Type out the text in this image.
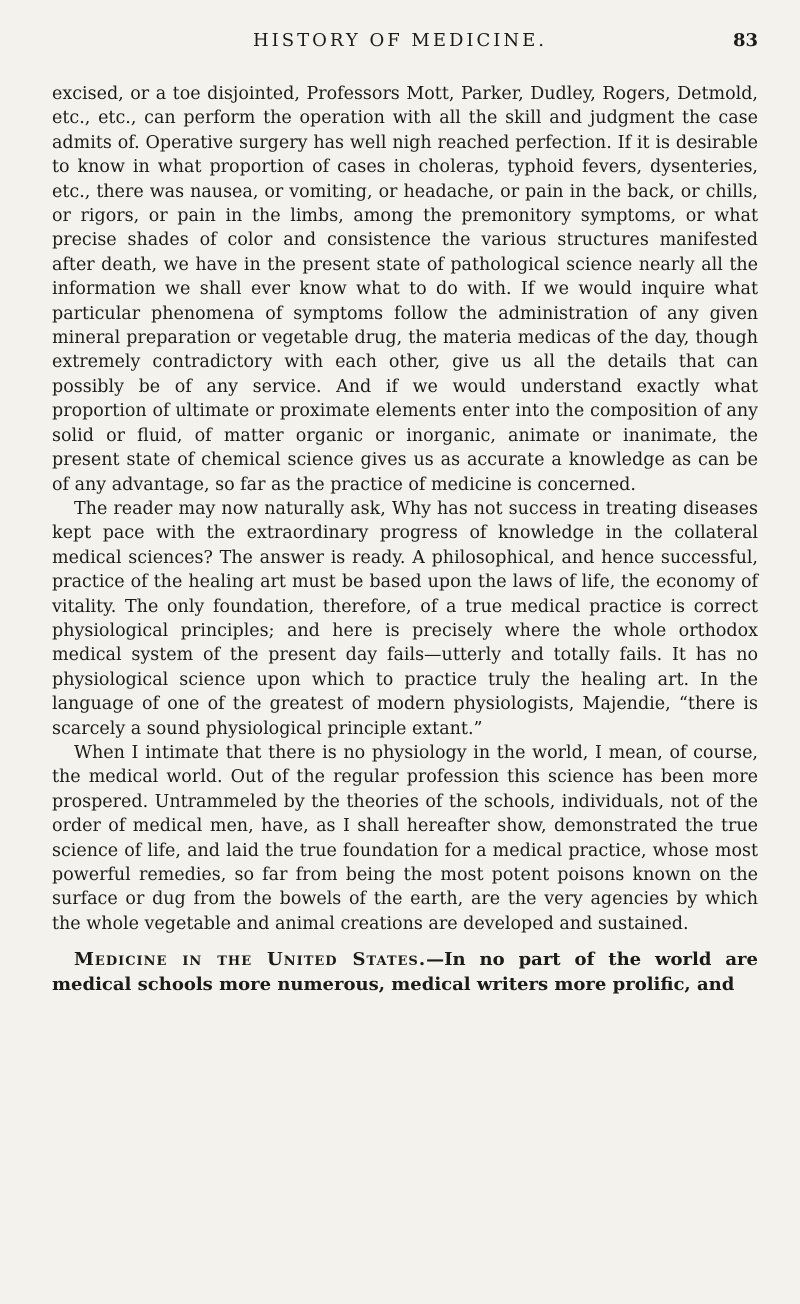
HISTORY OF MEDICINE.	83

excised, or a toe disjointed, Professors Mott, Parker, Dudley, Rogers, Detmold, etc., etc., can perform the operation with all the skill and judgment the case admits of. Operative surgery has well nigh reached perfection. If it is desirable to know in what proportion of cases in choleras, typhoid fevers, dysenteries, etc., there was nausea, or vomiting, or headache, or pain in the back, or chills, or rigors, or pain in the limbs, among the premonitory symptoms, or what precise shades of color and consistence the various structures manifested after death, we have in the present state of pathological science nearly all the information we shall ever know what to do with. If we would inquire what particular phenomena of symptoms follow the administration of any given mineral preparation or vegetable drug, the materia medicas of the day, though extremely contradictory with each other, give us all the details that can possibly be of any service. And if we would understand exactly what proportion of ultimate or proximate elements enter into the composition of any solid or fluid, of matter organic or inorganic, animate or inanimate, the present state of chemical science gives us as accurate a knowledge as can be of any advantage, so far as the practice of medicine is concerned.

The reader may now naturally ask, Why has not success in treating diseases kept pace with the extraordinary progress of knowledge in the collateral medical sciences? The answer is ready. A philosophical, and hence successful, practice of the healing art must be based upon the laws of life, the economy of vitality. The only foundation, therefore, of a true medical practice is correct physiological principles; and here is precisely where the whole orthodox medical system of the present day fails—utterly and totally fails. It has no physiological science upon which to practice truly the healing art. In the language of one of the greatest of modern physiologists, Majendie, “there is scarcely a sound physiological principle extant.”

When I intimate that there is no physiology in the world, I mean, of course, the medical world. Out of the regular profession this science has been more prospered. Untrammeled by the theories of the schools, individuals, not of the order of medical men, have, as I shall hereafter show, demonstrated the true science of life, and laid the true foundation for a medical practice, whose most powerful remedies, so far from being the most potent poisons known on the surface or dug from the bowels of the earth, are the very agencies by which the whole vegetable and animal creations are developed and sustained.

Medicine in the United States.—In no part of the world are medical schools more numerous, medical writers more prolific, and
